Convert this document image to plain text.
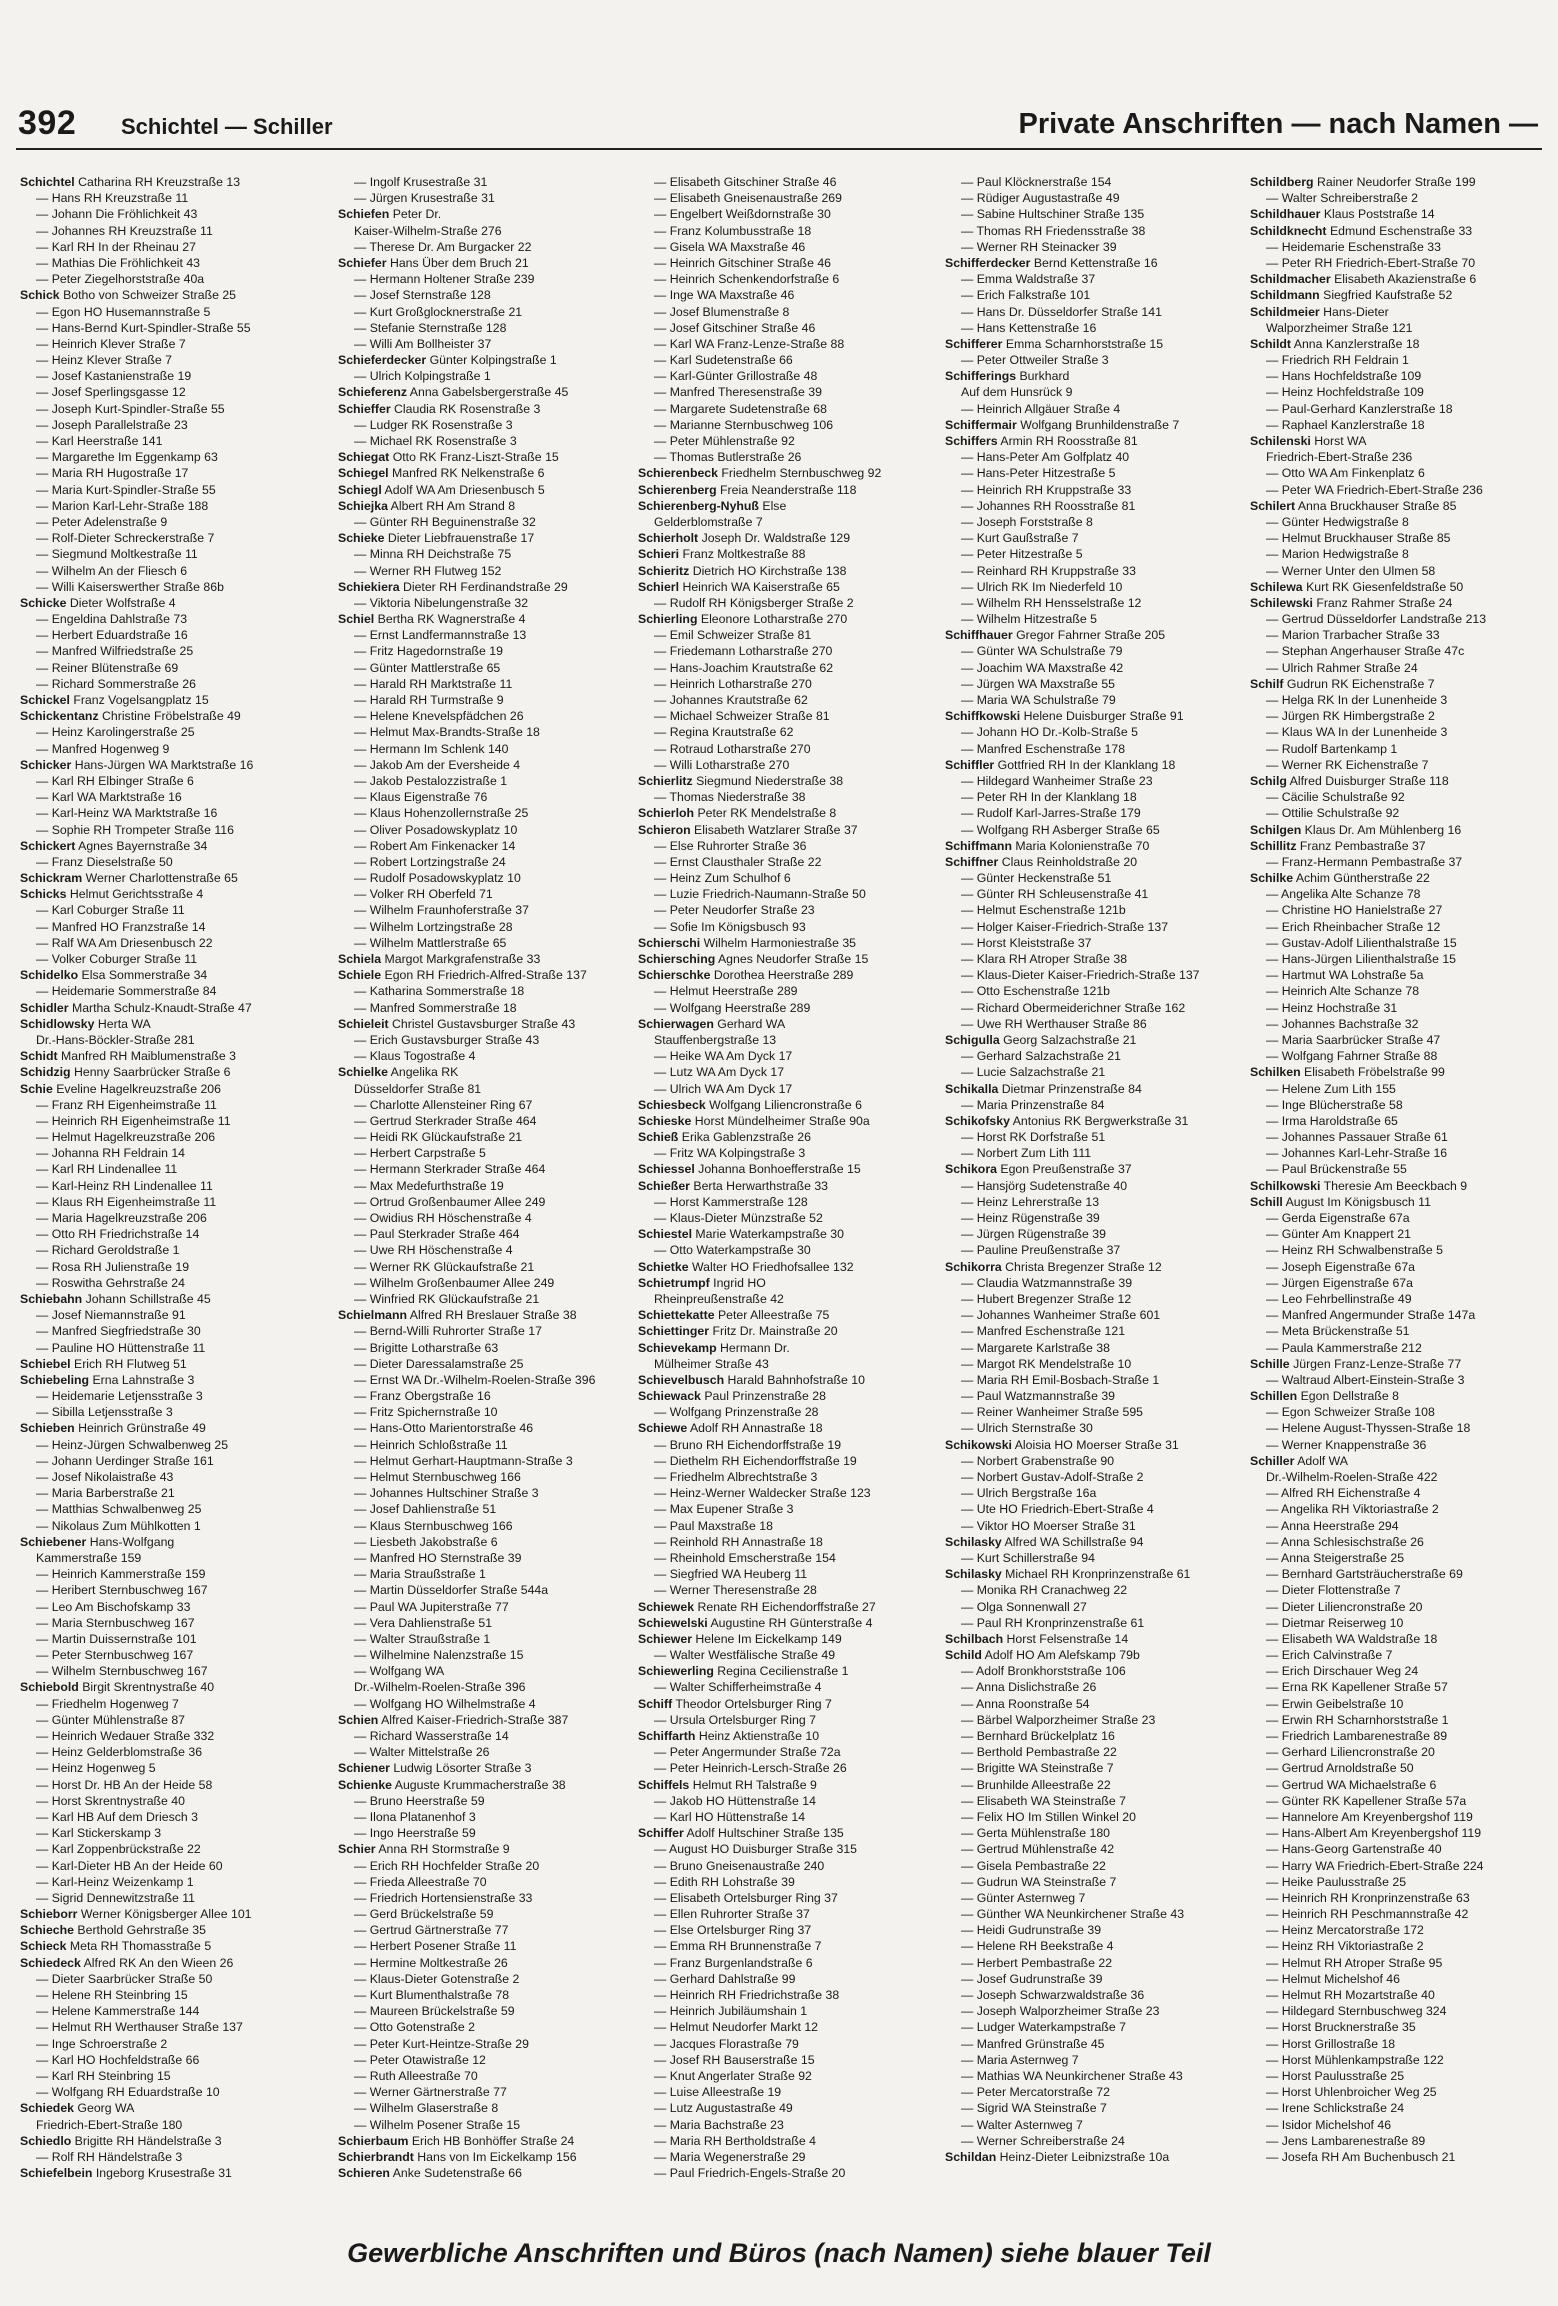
392 Schichtel — Schiller	Private Anschriften — nach Namen —
Schichtel Catharina RH Kreuzstraße 13
— Hans RH Kreuzstraße 11
— Johann Die Fröhlichkeit 43
— Johannes RH Kreuzstraße 11
— Karl RH In der Rheinau 27
— Mathias Die Fröhlichkeit 43
— Peter Ziegelhorststraße 40a
Schick Botho von Schweizer Straße 25
— Egon HO Husemannstraße 5
— Hans-Bernd Kurt-Spindler-Straße 55
— Heinrich Klever Straße 7
— Heinz Klever Straße 7
— Josef Kastanienstraße 19
— Josef Sperlingsgasse 12
— Joseph Kurt-Spindler-Straße 55
— Joseph Parallelstraße 23
— Karl Heerstraße 141
— Margarethe Im Eggenkamp 63
— Maria RH Hugostraße 17
— Maria Kurt-Spindler-Straße 55
— Marion Karl-Lehr-Straße 188
— Peter Adelenstraße 9
— Rolf-Dieter Schreckerstraße 7
— Siegmund Moltkestraße 11
— Wilhelm An der Fliesch 6
— Willi Kaiserswerther Straße 86b
Schicke Dieter Wolfstraße 4
— Engeldina Dahlstraße 73
— Herbert Eduardstraße 16
— Manfred Wilfriedstraße 25
— Reiner Blütenstraße 69
— Richard Sommerstraße 26
Schickel Franz Vogelsangplatz 15
Schickentanz Christine Fröbelstraße 49
— Heinz Karolingerstraße 25
— Manfred Hogenweg 9
Schicker Hans-Jürgen WA Marktstraße 16
— Karl RH Elbinger Straße 6
— Karl WA Marktstraße 16
— Karl-Heinz WA Marktstraße 16
— Sophie RH Trompeter Straße 116
Schickert Agnes Bayernstraße 34
— Franz Dieselstraße 50
Schickram Werner Charlottenstraße 65
Schicks Helmut Gerichtsstraße 4
— Karl Coburger Straße 11
— Manfred HO Franzstraße 14
— Ralf WA Am Driesenbusch 22
— Volker Coburger Straße 11
Schidelko Elsa Sommerstraße 34
— Heidemarie Sommerstraße 84
Schidler Martha Schulz-Knaudt-Straße 47
Schidlowsky Herta WA
Dr.-Hans-Böckler-Straße 281
Schidt Manfred RH Maiblumenstraße 3
Schidzig Henny Saarbrücker Straße 6
Schie Eveline Hagelkreuzstraße 206
— Franz RH Eigenheimstraße 11
— Heinrich RH Eigenheimstraße 11
— Helmut Hagelkreuzstraße 206
— Johanna RH Feldrain 14
— Karl RH Lindenallee 11
— Karl-Heinz RH Lindenallee 11
— Klaus RH Eigenheimstraße 11
— Maria Hagelkreuzstraße 206
— Otto RH Friedrichstraße 14
— Richard Geroldstraße 1
— Rosa RH Julienstraße 19
— Roswitha Gehrstraße 24
Schiebahn Johann Schillstraße 45
— Josef Niemannstraße 91
— Manfred Siegfriedstraße 30
— Pauline HO Hüttenstraße 11
Schiebel Erich RH Flutweg 51
Schiebeling Erna Lahnstraße 3
— Heidemarie Letjensstraße 3
— Sibilla Letjensstraße 3
Schieben Heinrich Grünstraße 49
— Heinz-Jürgen Schwalbenweg 25
— Johann Uerdinger Straße 161
— Josef Nikolaistraße 43
— Maria Barberstraße 21
— Matthias Schwalbenweg 25
— Nikolaus Zum Mühlkotten 1
Schiebener Hans-Wolfgang
Kammerstraße 159
— Heinrich Kammerstraße 159
— Heribert Sternbuschweg 167
— Leo Am Bischofskamp 33
— Maria Sternbuschweg 167
— Martin Duissernstraße 101
— Peter Sternbuschweg 167
— Wilhelm Sternbuschweg 167
Schiebold Birgit Skrentnystraße 40
— Friedhelm Hogenweg 7
— Günter Mühlenstraße 87
— Heinrich Wedauer Straße 332
— Heinz Gelderblomstraße 36
— Heinz Hogenweg 5
— Horst Dr. HB An der Heide 58
— Horst Skrentnystraße 40
— Karl HB Auf dem Driesch 3
— Karl Stickerskamp 3
— Karl Zoppenbrückstraße 22
— Karl-Dieter HB An der Heide 60
— Karl-Heinz Weizenkamp 1
— Sigrid Dennewitzstraße 11
Schieborr Werner Königsberger Allee 101
Schieche Berthold Gehrstraße 35
Schieck Meta RH Thomasstraße 5
Schiedeck Alfred RK An den Wieen 26
— Dieter Saarbrücker Straße 50
— Helene RH Steinbring 15
— Helene Kammerstraße 144
— Helmut RH Werthauser Straße 137
— Inge Schroerstraße 2
— Karl HO Hochfeldstraße 66
— Karl RH Steinbring 15
— Wolfgang RH Eduardstraße 10
Schiedek Georg WA
Friedrich-Ebert-Straße 180
Schiedlo Brigitte RH Händelstraße 3
— Rolf RH Händelstraße 3
Schiefelbein Ingeborg Krusestraße 31
— Ingolf Krusestraße 31
— Jürgen Krusestraße 31
Schiefen Peter Dr.
Kaiser-Wilhelm-Straße 276
— Therese Dr. Am Burgacker 22
Schiefer Hans Über dem Bruch 21
— Hermann Holtener Straße 239
— Josef Sternstraße 128
— Kurt Großglocknerstraße 21
— Stefanie Sternstraße 128
— Willi Am Bollheister 37
Schieferdecker Günter Kolpingstraße 1
— Ulrich Kolpingstraße 1
Schieferenz Anna Gabelsbergerstraße 45
Schieffer Claudia RK Rosenstraße 3
— Ludger RK Rosenstraße 3
— Michael RK Rosenstraße 3
Schiegat Otto RK Franz-Liszt-Straße 15
Schiegel Manfred RK Nelkenstraße 6
Schiegl Adolf WA Am Driesenbusch 5
Schiejka Albert RH Am Strand 8
— Günter RH Beguinenstraße 32
Schieke Dieter Liebfrauenstraße 17
— Minna RH Deichstraße 75
— Werner RH Flutweg 152
Schiekiera Dieter RH Ferdinandstraße 29
— Viktoria Nibelungenstraße 32
Schiel Bertha RK Wagnerstraße 4
— Ernst Landfermannstraße 13
— Fritz Hagedornstraße 19
— Günter Mattlerstraße 65
— Harald RH Marktstraße 11
— Harald RH Turmstraße 9
— Helene Knevelspfädchen 26
— Helmut Max-Brandts-Straße 18
— Hermann Im Schlenk 140
— Jakob Am der Eversheide 4
— Jakob Pestalozzistraße 1
— Klaus Eigenstraße 76
— Klaus Hohenzollernstraße 25
— Oliver Posadowskyplatz 10
— Robert Am Finkenacker 14
— Robert Lortzingstraße 24
— Rudolf Posadowskyplatz 10
— Volker RH Oberfeld 71
— Wilhelm Fraunhoferstraße 37
— Wilhelm Lortzingstraße 28
— Wilhelm Mattlerstraße 65
Schiela Margot Markgrafenstraße 33
Schiele Egon RH Friedrich-Alfred-Straße 137
— Katharina Sommerstraße 18
— Manfred Sommerstraße 18
Schieleit Christel Gustavsburger Straße 43
— Erich Gustavsburger Straße 43
— Klaus Togostraße 4
Schielke Angelika RK
Düsseldorfer Straße 81
— Charlotte Allensteiner Ring 67
— Gertrud Sterkrader Straße 464
— Heidi RK Glückaufstraße 21
— Herbert Carpstraße 5
— Hermann Sterkrader Straße 464
— Max Medefurthstraße 19
— Ortrud Großenbaumer Allee 249
— Owidius RH Höschenstraße 4
— Paul Sterkrader Straße 464
— Uwe RH Höschenstraße 4
— Werner RK Glückaufstraße 21
— Wilhelm Großenbaumer Allee 249
— Winfried RK Glückaufstraße 21
Schielmann Alfred RH Breslauer Straße 38
— Bernd-Willi Ruhrorter Straße 17
— Brigitte Lotharstraße 63
— Dieter Daressalamstraße 25
— Ernst WA Dr.-Wilhelm-Roelen-Straße 396
— Franz Obergstraße 16
— Fritz Spichernstraße 10
— Hans-Otto Marientorstraße 46
— Heinrich Schloßstraße 11
— Helmut Gerhart-Hauptmann-Straße 3
— Helmut Sternbuschweg 166
— Johannes Hultschiner Straße 3
— Josef Dahlienstraße 51
— Klaus Sternbuschweg 166
— Liesbeth Jakobstraße 6
— Manfred HO Sternstraße 39
— Maria Straußstraße 1
— Martin Düsseldorfer Straße 544a
— Paul WA Jupiterstraße 77
— Vera Dahlienstraße 51
— Walter Straußstraße 1
— Wilhelmine Nalenzstraße 15
— Wolfgang WA
Dr.-Wilhelm-Roelen-Straße 396
— Wolfgang HO Wilhelmstraße 4
Schien Alfred Kaiser-Friedrich-Straße 387
— Richard Wasserstraße 14
— Walter Mittelstraße 26
Schiener Ludwig Lösorter Straße 3
Schienke Auguste Krummacherstraße 38
— Bruno Heerstraße 59
— Ilona Platanenhof 3
— Ingo Heerstraße 59
Schier Anna RH Stormstraße 9
— Erich RH Hochfelder Straße 20
— Frieda Alleestraße 70
— Friedrich Hortensienstraße 33
— Gerd Brückelstraße 59
— Gertrud Gärtnerstraße 77
— Herbert Posener Straße 11
— Hermine Moltkestraße 26
— Klaus-Dieter Gotenstraße 2
— Kurt Blumenthalstraße 78
— Maureen Brückelstraße 59
— Otto Gotenstraße 2
— Peter Kurt-Heintze-Straße 29
— Peter Otawistraße 12
— Ruth Alleestraße 70
— Werner Gärtnerstraße 77
— Wilhelm Glaserstraße 8
— Wilhelm Posener Straße 15
Schierbaum Erich HB Bonhöffer Straße 24
Schierbrandt Hans von Im Eickelkamp 156
Schieren Anke Sudetenstraße 66
— Elisabeth Gitschiner Straße 46
— Elisabeth Gneisenaustraße 269
— Engelbert Weißdornstraße 30
— Franz Kolumbusstraße 18
— Gisela WA Maxstraße 46
— Heinrich Gitschiner Straße 46
— Heinrich Schenkendorfstraße 6
— Inge WA Maxstraße 46
— Josef Blumenstraße 8
— Josef Gitschiner Straße 46
— Karl WA Franz-Lenze-Straße 88
— Karl Sudetenstraße 66
— Karl-Günter Grillostraße 48
— Manfred Theresenstraße 39
— Margarete Sudetenstraße 68
— Marianne Sternbuschweg 106
— Peter Mühlenstraße 92
— Thomas Butlerstraße 26
Schierenbeck Friedhelm Sternbuschweg 92
Schierenberg Freia Neanderstraße 118
Schierenberg-Nyhuß Else
Gelderblomstraße 7
Schierholt Joseph Dr. Waldstraße 129
Schieri Franz Moltkestraße 88
Schieritz Dietrich HO Kirchstraße 138
Schierl Heinrich WA Kaiserstraße 65
— Rudolf RH Königsberger Straße 2
Schierling Eleonore Lotharstraße 270
— Emil Schweizer Straße 81
— Friedemann Lotharstraße 270
— Hans-Joachim Krautstraße 62
— Heinrich Lotharstraße 270
— Johannes Krautstraße 62
— Michael Schweizer Straße 81
— Regina Krautstraße 62
— Rotraud Lotharstraße 270
— Willi Lotharstraße 270
Schierlitz Siegmund Niederstraße 38
— Thomas Niederstraße 38
Schierloh Peter RK Mendelstraße 8
Schieron Elisabeth Watzlarer Straße 37
— Else Ruhrorter Straße 36
— Ernst Clausthaler Straße 22
— Heinz Zum Schulhof 6
— Luzie Friedrich-Naumann-Straße 50
— Peter Neudorfer Straße 23
— Sofie Im Königsbusch 93
Schierschi Wilhelm Harmoniestraße 35
Schiersching Agnes Neudorfer Straße 15
Schierschke Dorothea Heerstraße 289
— Helmut Heerstraße 289
— Wolfgang Heerstraße 289
Schierwagen Gerhard WA
Stauffenbergstraße 13
— Heike WA Am Dyck 17
— Lutz WA Am Dyck 17
— Ulrich WA Am Dyck 17
Schiesbeck Wolfgang Liliencronstraße 6
Schieske Horst Mündelheimer Straße 90a
Schieß Erika Gablenzstraße 26
— Fritz WA Kolpingstraße 3
Schiessel Johanna Bonhoefferstraße 15
Schießer Berta Herwarthstraße 33
— Horst Kammerstraße 128
— Klaus-Dieter Münzstraße 52
Schiestel Marie Waterkampstraße 30
— Otto Waterkampstraße 30
Schietke Walter HO Friedhofsallee 132
Schietrumpf Ingrid HO
Rheinpreußenstraße 42
Schiettekatte Peter Alleestraße 75
Schiettinger Fritz Dr. Mainstraße 20
Schievekamp Hermann Dr.
Mülheimer Straße 43
Schievelbusch Harald Bahnhofstraße 10
Schiewack Paul Prinzenstraße 28
— Wolfgang Prinzenstraße 28
Schiewe Adolf RH Annastraße 18
— Bruno RH Eichendorffstraße 19
— Diethelm RH Eichendorffstraße 19
— Friedhelm Albrechtstraße 3
— Heinz-Werner Waldecker Straße 123
— Max Eupener Straße 3
— Paul Maxstraße 18
— Reinhold RH Annastraße 18
— Rheinhold Emscherstraße 154
— Siegfried WA Heuberg 11
— Werner Theresenstraße 28
Schiewek Renate RH Eichendorffstraße 27
Schiewelski Augustine RH Günterstraße 4
Schiewer Helene Im Eickelkamp 149
— Walter Westfälische Straße 49
Schiewerling Regina Cecilienstraße 1
— Walter Schifferheimstraße 4
Schiff Theodor Ortelsburger Ring 7
— Ursula Ortelsburger Ring 7
Schiffarth Heinz Aktienstraße 10
— Peter Angermunder Straße 72a
— Peter Heinrich-Lersch-Straße 26
Schiffels Helmut RH Talstraße 9
— Jakob HO Hüttenstraße 14
— Karl HO Hüttenstraße 14
Schiffer Adolf Hultschiner Straße 135
— August HO Duisburger Straße 315
— Bruno Gneisenaustraße 240
— Edith RH Lohstraße 39
— Elisabeth Ortelsburger Ring 37
— Ellen Ruhrorter Straße 37
— Else Ortelsburger Ring 37
— Emma RH Brunnenstraße 7
— Franz Burgenlandstraße 6
— Gerhard Dahlstraße 99
— Heinrich RH Friedrichstraße 38
— Heinrich Jubiläumshain 1
— Helmut Neudorfer Markt 12
— Jacques Florastraße 79
— Josef RH Bauserstraße 15
— Knut Angerlater Straße 92
— Luise Alleestraße 19
— Lutz Augustastraße 49
— Maria Bachstraße 23
— Maria RH Bertholdstraße 4
— Maria Wegenerstraße 29
— Paul Friedrich-Engels-Straße 20
— Paul Klöcknerstraße 154
— Rüdiger Augustastraße 49
— Sabine Hultschiner Straße 135
— Thomas RH Friedensstraße 38
— Werner RH Steinacker 39
Schifferdecker Bernd Kettenstraße 16
— Emma Waldstraße 37
— Erich Falkstraße 101
— Hans Dr. Düsseldorfer Straße 141
— Hans Kettenstraße 16
Schifferer Emma Scharnhorststraße 15
— Peter Ottweiler Straße 3
Schifferings Burkhard
Auf dem Hunsrück 9
— Heinrich Allgäuer Straße 4
Schiffermair Wolfgang Brunhildenstraße 7
Schiffers Armin RH Roosstraße 81
— Hans-Peter Am Golfplatz 40
— Hans-Peter Hitzestraße 5
— Heinrich RH Kruppstraße 33
— Johannes RH Roosstraße 81
— Joseph Forststraße 8
— Kurt Gaußstraße 7
— Peter Hitzestraße 5
— Reinhard RH Kruppstraße 33
— Ulrich RK Im Niederfeld 10
— Wilhelm RH Hensselstraße 12
— Wilhelm Hitzestraße 5
Schiffhauer Gregor Fahrner Straße 205
— Günter WA Schulstraße 79
— Joachim WA Maxstraße 42
— Jürgen WA Maxstraße 55
— Maria WA Schulstraße 79
Schiffkowski Helene Duisburger Straße 91
— Johann HO Dr.-Kolb-Straße 5
— Manfred Eschenstraße 178
Schiffler Gottfried RH In der Klanklang 18
— Hildegard Wanheimer Straße 23
— Peter RH In der Klanklang 18
— Rudolf Karl-Jarres-Straße 179
— Wolfgang RH Asberger Straße 65
Schiffmann Maria Kolonienstraße 70
Schiffner Claus Reinholdstraße 20
— Günter Heckenstraße 51
— Günter RH Schleusenstraße 41
— Helmut Eschenstraße 121b
— Holger Kaiser-Friedrich-Straße 137
— Horst Kleiststraße 37
— Klara RH Atroper Straße 38
— Klaus-Dieter Kaiser-Friedrich-Straße 137
— Otto Eschenstraße 121b
— Richard Obermeiderichner Straße 162
— Uwe RH Werthauser Straße 86
Schigulla Georg Salzachstraße 21
— Gerhard Salzachstraße 21
— Lucie Salzachstraße 21
Schikalla Dietmar Prinzenstraße 84
— Maria Prinzenstraße 84
Schikofsky Antonius RK Bergwerkstraße 31
— Horst RK Dorfstraße 51
— Norbert Zum Lith 111
Schikora Egon Preußenstraße 37
— Hansjörg Sudetenstraße 40
— Heinz Lehrerstraße 13
— Heinz Rügenstraße 39
— Jürgen Rügenstraße 39
— Pauline Preußenstraße 37
Schikorra Christa Bregenzer Straße 12
— Claudia Watzmannstraße 39
— Hubert Bregenzer Straße 12
— Johannes Wanheimer Straße 601
— Manfred Eschenstraße 121
— Margarete Karlstraße 38
— Margot RK Mendelstraße 10
— Maria RH Emil-Bosbach-Straße 1
— Paul Watzmannstraße 39
— Reiner Wanheimer Straße 595
— Ulrich Sternstraße 30
Schikowski Aloisia HO Moerser Straße 31
— Norbert Grabenstraße 90
— Norbert Gustav-Adolf-Straße 2
— Ulrich Bergstraße 16a
— Ute HO Friedrich-Ebert-Straße 4
— Viktor HO Moerser Straße 31
Schilasky Alfred WA Schillstraße 94
— Kurt Schillerstraße 94
Schilasky Michael RH Kronprinzenstraße 61
— Monika RH Cranachweg 22
— Olga Sonnenwall 27
— Paul RH Kronprinzenstraße 61
Schilbach Horst Felsenstraße 14
Schild Adolf HO Am Alefskamp 79b
— Adolf Bronkhorststraße 106
— Anna Dislichstraße 26
— Anna Roonstraße 54
— Bärbel Walporzheimer Straße 23
— Bernhard Brückelplatz 16
— Berthold Pembastraße 22
— Brigitte WA Steinstraße 7
— Brunhilde Alleestraße 22
— Elisabeth WA Steinstraße 7
— Felix HO Im Stillen Winkel 20
— Gerta Mühlenstraße 180
— Gertrud Mühlenstraße 42
— Gisela Pembastraße 22
— Gudrun WA Steinstraße 7
— Günter Asternweg 7
— Günther WA Neunkirchener Straße 43
— Heidi Gudrunstraße 39
— Helene RH Beekstraße 4
— Herbert Pembastraße 22
— Josef Gudrunstraße 39
— Joseph Schwarzwaldstraße 36
— Joseph Walporzheimer Straße 23
— Ludger Waterkampstraße 7
— Manfred Grünstraße 45
— Maria Asternweg 7
— Mathias WA Neunkirchener Straße 43
— Peter Mercatorstraße 72
— Sigrid WA Steinstraße 7
— Walter Asternweg 7
— Werner Schreiberstraße 24
Schildan Heinz-Dieter Leibnizstraße 10a
Schildberg Rainer Neudorfer Straße 199
— Walter Schreiberstraße 2
Schildhauer Klaus Poststraße 14
Schildknecht Edmund Eschenstraße 33
— Heidemarie Eschenstraße 33
— Peter RH Friedrich-Ebert-Straße 70
Schildmacher Elisabeth Akazienstraße 6
Schildmann Siegfried Kaufstraße 52
Schildmeier Hans-Dieter
Walporzheimer Straße 121
Schildt Anna Kanzlerstraße 18
— Friedrich RH Feldrain 1
— Hans Hochfeldstraße 109
— Heinz Hochfeldstraße 109
— Paul-Gerhard Kanzlerstraße 18
— Raphael Kanzlerstraße 18
Schilenski Horst WA
Friedrich-Ebert-Straße 236
— Otto WA Am Finkenplatz 6
— Peter WA Friedrich-Ebert-Straße 236
Schilert Anna Bruckhauser Straße 85
— Günter Hedwigstraße 8
— Helmut Bruckhauser Straße 85
— Marion Hedwigstraße 8
— Werner Unter den Ulmen 58
Schilewa Kurt RK Giesenfeldstraße 50
Schilewski Franz Rahmer Straße 24
— Gertrud Düsseldorfer Landstraße 213
— Marion Trarbacher Straße 33
— Stephan Angerhauser Straße 47c
— Ulrich Rahmer Straße 24
Schilf Gudrun RK Eichenstraße 7
— Helga RK In der Lunenheide 3
— Jürgen RK Himbergstraße 2
— Klaus WA In der Lunenheide 3
— Rudolf Bartenkamp 1
— Werner RK Eichenstraße 7
Schilg Alfred Duisburger Straße 118
— Cäcilie Schulstraße 92
— Ottilie Schulstraße 92
Schilgen Klaus Dr. Am Mühlenberg 16
Schillitz Franz Pembastraße 37
— Franz-Hermann Pembastraße 37
Schilke Achim Güntherstraße 22
— Angelika Alte Schanze 78
— Christine HO Hanielstraße 27
— Erich Rheinbacher Straße 12
— Gustav-Adolf Lilienthalstraße 15
— Hans-Jürgen Lilienthalstraße 15
— Hartmut WA Lohstraße 5a
— Heinrich Alte Schanze 78
— Heinz Hochstraße 31
— Johannes Bachstraße 32
— Maria Saarbrücker Straße 47
— Wolfgang Fahrner Straße 88
Schilken Elisabeth Fröbelstraße 99
— Helene Zum Lith 155
— Inge Blücherstraße 58
— Irma Haroldstraße 65
— Johannes Passauer Straße 61
— Johannes Karl-Lehr-Straße 16
— Paul Brückenstraße 55
Schilkowski Theresie Am Beeckbach 9
Schill August Im Königsbusch 11
— Gerda Eigenstraße 67a
— Günter Am Knappert 21
— Heinz RH Schwalbenstraße 5
— Joseph Eigenstraße 67a
— Jürgen Eigenstraße 67a
— Leo Fehrbellinstraße 49
— Manfred Angermunder Straße 147a
— Meta Brückenstraße 51
— Paula Kammerstraße 212
Schille Jürgen Franz-Lenze-Straße 77
— Waltraud Albert-Einstein-Straße 3
Schillen Egon Dellstraße 8
— Egon Schweizer Straße 108
— Helene August-Thyssen-Straße 18
— Werner Knappenstraße 36
Schiller Adolf WA
Dr.-Wilhelm-Roelen-Straße 422
— Alfred RH Eichenstraße 4
— Angelika RH Viktoriastraße 2
— Anna Heerstraße 294
— Anna Schlesischstraße 26
— Anna Steigerstraße 25
— Bernhard Gartsträucherstraße 69
— Dieter Flottenstraße 7
— Dieter Liliencronstraße 20
— Dietmar Reiserweg 10
— Elisabeth WA Waldstraße 18
— Erich Calvinstraße 7
— Erich Dirschauer Weg 24
— Erna RK Kapellener Straße 57
— Erwin Geibelstraße 10
— Erwin RH Scharnhorststraße 1
— Friedrich Lambarenestraße 89
— Gerhard Liliencronstraße 20
— Gertrud Arnoldstraße 50
— Gertrud WA Michaelstraße 6
— Günter RK Kapellener Straße 57a
— Hannelore Am Kreyenbergshof 119
— Hans-Albert Am Kreyenbergshof 119
— Hans-Georg Gartenstraße 40
— Harry WA Friedrich-Ebert-Straße 224
— Heike Paulusstraße 25
— Heinrich RH Kronprinzenstraße 63
— Heinrich RH Peschmannstraße 42
— Heinz Mercatorstraße 172
— Heinz RH Viktoriastraße 2
— Helmut RH Atroper Straße 95
— Helmut Michelshof 46
— Helmut RH Mozartstraße 40
— Hildegard Sternbuschweg 324
— Horst Brucknerstraße 35
— Horst Grillostraße 18
— Horst Mühlenkampstraße 122
— Horst Paulusstraße 25
— Horst Uhlenbroicher Weg 25
— Irene Schlickstraße 24
— Isidor Michelshof 46
— Jens Lambarenestraße 89
— Josefa RH Am Buchenbusch 21
Gewerbliche Anschriften und Büros (nach Namen) siehe blauer Teil
